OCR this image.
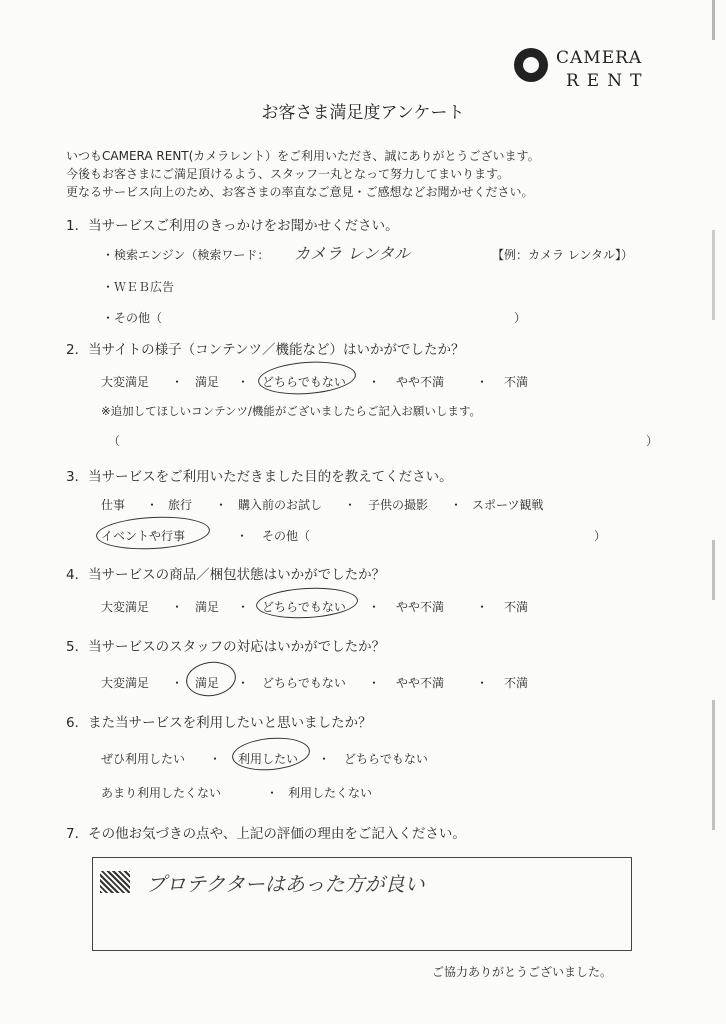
CAMERA
RENT
お客さま満足度アンケート
いつもCAMERA RENT(カメラレント）をご利用いただき、誠にありがとうございます。
今後もお客さまにご満足頂けるよう、スタッフ一丸となって努力してまいります。
更なるサービス向上のため、お客さまの率直なご意見・ご感想などお聞かせください。
1．当サービスご利用のきっかけをお聞かせください。
・検索エンジン（検索ワード： カメラ レンタル	【例：カメラ レンタル】）
・ＷＥＢ広告
・その他（	）
2．当サイトの様子（コンテンツ／機能など）はいかがでしたか？
大変満足 ・ 満足 ・ どちらでもない ・ やや不満	・ 不満
※追加してほしいコンテンツ/機能がございましたらご記入お願いします。
（	）
3．当サービスをご利用いただきました目的を教えてください。
仕事 ・ 旅行 ・ 購入前のお試し ・ 子供の撮影 ・ スポーツ観戦
イベントや行事	・ その他（	）
4．当サービスの商品／梱包状態はいかがでしたか？
大変満足 ・ 満足 ・ どちらでもない ・ やや不満	・ 不満
5．当サービスのスタッフの対応はいかがでしたか？
大変満足 ・ 満足 ・ どちらでもない ・ やや不満	・ 不満
6．また当サービスを利用したいと思いましたか？
ぜひ利用したい ・ 利用したい ・ どちらでもない
あまり利用したくない	・ 利用したくない
7．その他お気づきの点や、上記の評価の理由をご記入ください。
プロテクターはあった方が良い
ご協力ありがとうございました。
